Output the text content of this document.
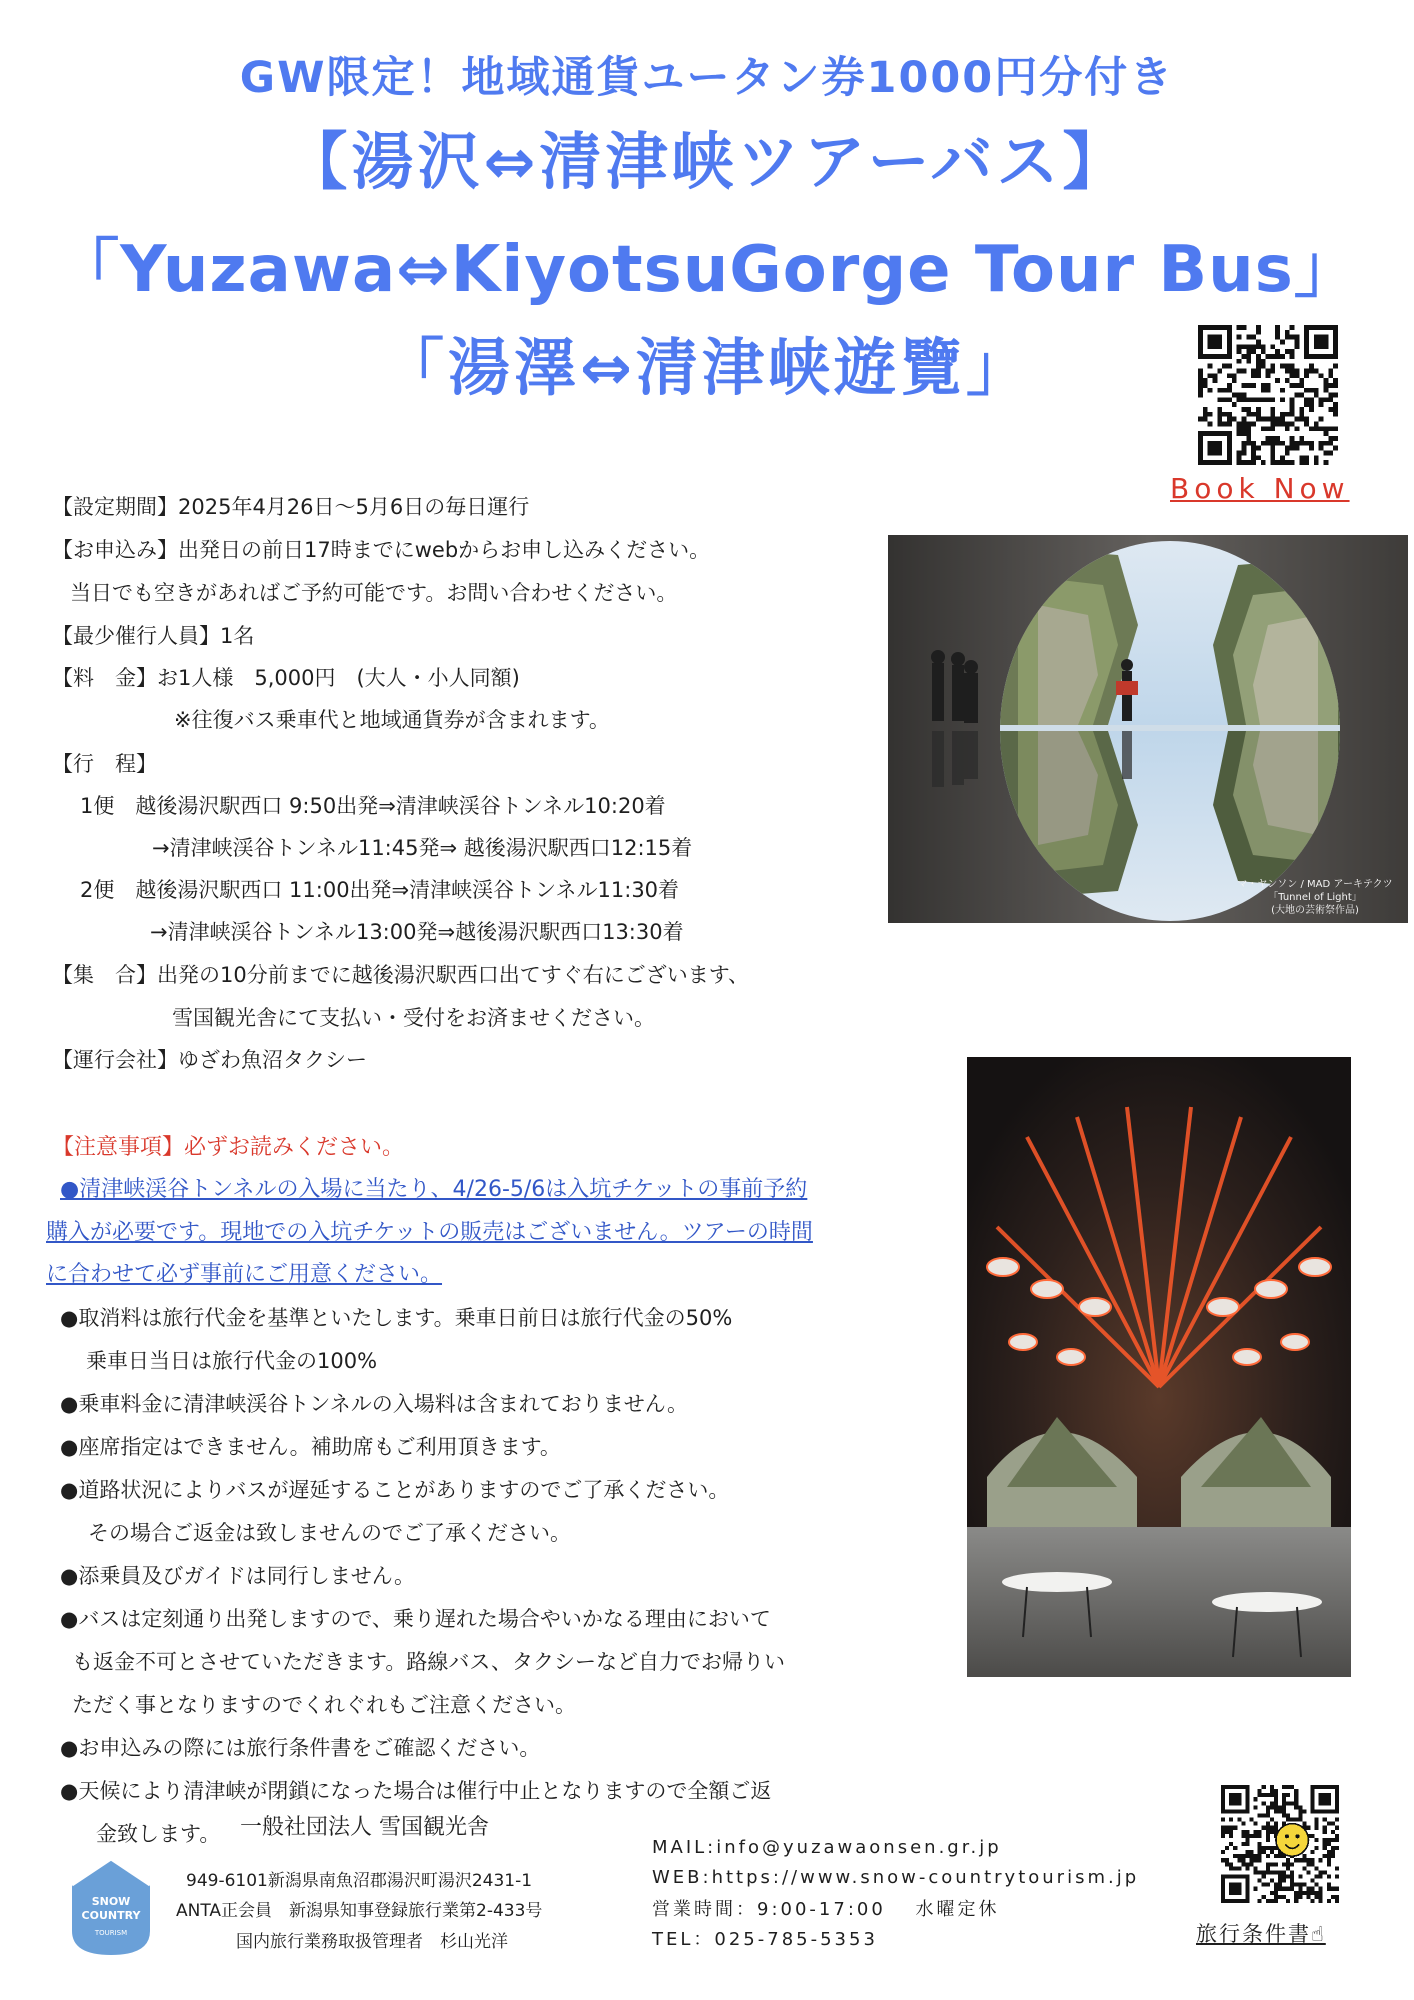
GW限定！地域通貨ユータン券1000円分付き
【湯沢⇔清津峡ツアーバス】
「Yuzawa⇔KiyotsuGorge Tour Bus」
「湯澤⇔清津峡遊覽」
Book Now
【設定期間】2025年4月26日～5月6日の毎日運行
【お申込み】出発日の前日17時までにwebからお申し込みください。
当日でも空きがあればご予約可能です。お問い合わせください。
【最少催行人員】1名
【料　金】お1人様　5,000円　(大人・小人同額)
※往復バス乗車代と地域通貨券が含まれます。
【行　程】
1便　越後湯沢駅西口 9:50出発⇒清津峡渓谷トンネル10:20着
→清津峡渓谷トンネル11:45発⇒ 越後湯沢駅西口12:15着
2便　越後湯沢駅西口 11:00出発⇒清津峡渓谷トンネル11:30着
→清津峡渓谷トンネル13:00発⇒越後湯沢駅西口13:30着
【集　合】出発の10分前までに越後湯沢駅西口出てすぐ右にございます、
雪国観光舎にて支払い・受付をお済ませください。
【運行会社】ゆざわ魚沼タクシー
マ・ヤンソン / MAD アーキテクツ
「Tunnel of Light」
(大地の芸術祭作品)
【注意事項】必ずお読みください。
●清津峡渓谷トンネルの入場に当たり、4/26-5/6は入坑チケットの事前予約
購入が必要です。現地での入坑チケットの販売はございません。ツアーの時間
に合わせて必ず事前にご用意ください。
●取消料は旅行代金を基準といたします。乗車日前日は旅行代金の50%
乗車日当日は旅行代金の100%
●乗車料金に清津峡渓谷トンネルの入場料は含まれておりません。
●座席指定はできません。補助席もご利用頂きます。
●道路状況によりバスが遅延することがありますのでご了承ください。
その場合ご返金は致しませんのでご了承ください。
●添乗員及びガイドは同行しません。
●バスは定刻通り出発しますので、乗り遅れた場合やいかなる理由において
も返金不可とさせていただきます。路線バス、タクシーなど自力でお帰りい
ただく事となりますのでくれぐれもご注意ください。
●お申込みの際には旅行条件書をご確認ください。
●天候により清津峡が閉鎖になった場合は催行中止となりますので全額ご返
金致します。
SNOW
COUNTRY
TOURISM
一般社団法人 雪国観光舎
949-6101新潟県南魚沼郡湯沢町湯沢2431-1
ANTA正会員　新潟県知事登録旅行業第2-433号
国内旅行業務取扱管理者　杉山光洋
MAIL:info@yuzawaonsen.gr.jp
WEB:https://www.snow-countrytourism.jp
営業時間：9:00-17:00　 水曜定休
TEL：025-785-5353	旅行条件書☝
